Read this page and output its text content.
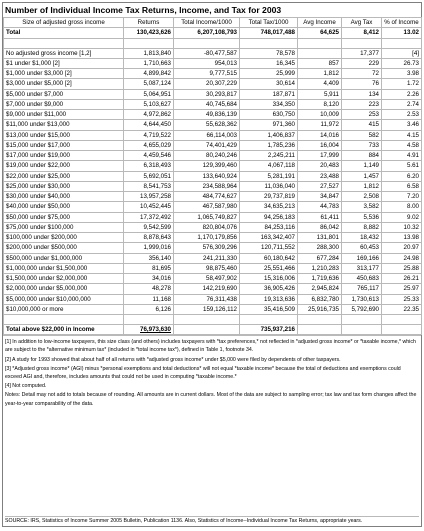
Number of Individual Income Tax Returns, Income, and Tax for 2003
Size of adjusted gross income	Returns	Total Income/1000	Total Tax/1000	Avg Income	Avg Tax	% of Income
Total	130,423,626	6,207,108,793	748,017,488	64,625	8,412	13.02

No adjusted gross income [1,2]	1,813,840	-80,477,587	78,578		17,377	[4]
$1 under $1,000 [2]	1,710,663	954,013	16,345	857	229	26.73
$1,000 under $3,000 [2]	4,899,842	9,777,515	25,999	1,812	72	3.98
$3,000 under $5,000 [2]	5,087,124	20,307,229	30,614	4,409	76	1.72
$5,000 under $7,000	5,064,951	30,293,817	187,871	5,911	134	2.26
$7,000 under $9,000	5,103,627	40,745,684	334,350	8,120	223	2.74
$9,000 under $11,000	4,972,862	49,836,139	630,750	10,009	253	2.53
$11,000 under $13,000	4,644,450	55,628,362	971,360	11,972	415	3.46
$13,000 under $15,000	4,719,522	66,114,003	1,406,837	14,016	582	4.15
$15,000 under $17,000	4,655,029	74,401,429	1,785,236	16,004	733	4.58
$17,000 under $19,000	4,459,546	80,240,246	2,245,211	17,999	884	4.91
$19,000 under $22,000	6,318,493	129,399,460	4,067,118	20,483	1,149	5.61
$22,000 under $25,000	5,692,051	133,640,924	5,281,191	23,488	1,457	6.20
$25,000 under $30,000	8,541,753	234,588,964	11,036,040	27,527	1,812	6.58
$30,000 under $40,000	13,957,258	484,774,627	29,737,819	34,847	2,508	7.20
$40,000 under $50,000	10,452,445	467,587,980	34,635,213	44,783	3,582	8.00
$50,000 under $75,000	17,372,492	1,065,749,827	94,256,183	61,411	5,536	9.02
$75,000 under $100,000	9,542,599	820,804,076	84,253,116	86,042	8,882	10.32
$100,000 under $200,000	8,878,643	1,170,179,856	163,342,407	131,801	18,432	13.98
$200,000 under $500,000	1,999,016	576,309,296	120,711,552	288,300	60,453	20.97
$500,000 under $1,000,000	356,140	241,211,330	60,180,642	677,284	169,166	24.98
$1,000,000 under $1,500,000	81,695	98,875,460	25,551,466	1,210,283	313,177	25.88
$1,500,000 under $2,000,000	34,016	58,497,902	15,316,006	1,719,636	450,683	26.21
$2,000,000 under $5,000,000	48,278	142,219,690	36,905,426	2,945,824	765,117	25.97
$5,000,000 under $10,000,000	11,168	76,311,438	19,313,636	6,832,780	1,730,613	25.33
$10,000,000 or more	6,126	159,126,112	35,416,509	25,916,735	5,792,690	22.35

Total above $22,000 in Income	76,973,630		735,937,216			
[1] In addition to low-income taxpayers, this size class (and others) includes taxpayers with *tax preferences,* not reflected in *adjusted gross income* or *taxable income,* which are subject to the *alternative minimum tax* (included in *total income tax*), defined in Table 1, footnote 34.
[2] A study for 1993 showed that about half of all returns with *adjusted gross income* under $5,000 were filed by dependents of other taxpayers.
[3] *Adjusted gross income* (AGI) minus *personal exemptions and total deductions* will not equal *taxable income* because the total of deductions and exemptions could exceed AGI and, therefore, includes amounts that could not be used in computing *taxable income.*
[4] Not computed.
Notes: Detail may not add to totals because of rounding. All amounts are in current dollars. Most of the data are subject to sampling error; tax law and tax form changes affect the year-to-year comparability of the data.
SOURCE: IRS, Statistics of Income Summer 2005 Bulletin, Publication 1136. Also, Statistics of Income--Individual Income Tax Returns, appropriate years.
